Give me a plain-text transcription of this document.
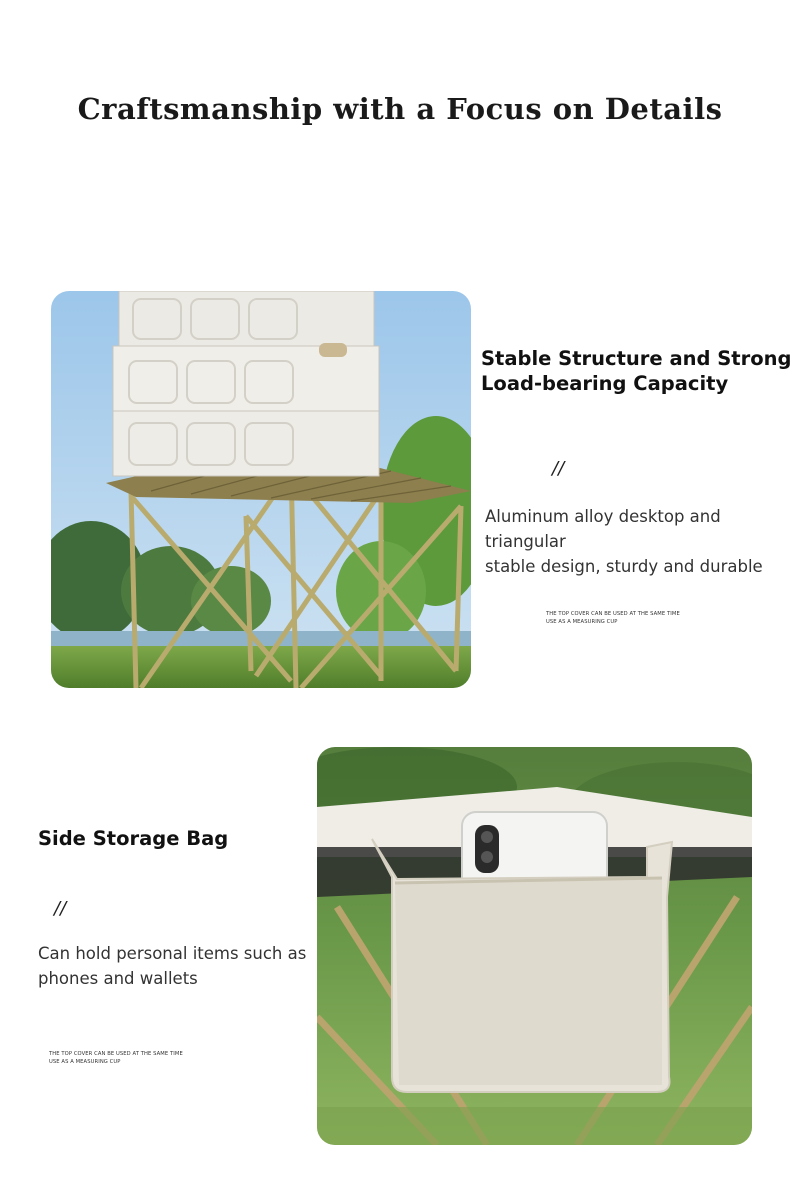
Craftsmanship with a Focus on Details
Stable Structure and Strong
Load-bearing Capacity
//
Aluminum alloy desktop and triangular
stable design, sturdy and durable
THE TOP COVER CAN BE USED AT THE SAME TIME
USE AS A MEASURING CUP
Side Storage Bag
//
Can hold personal items such as
phones and wallets
THE TOP COVER CAN BE USED AT THE SAME TIME
USE AS A MEASURING CUP
